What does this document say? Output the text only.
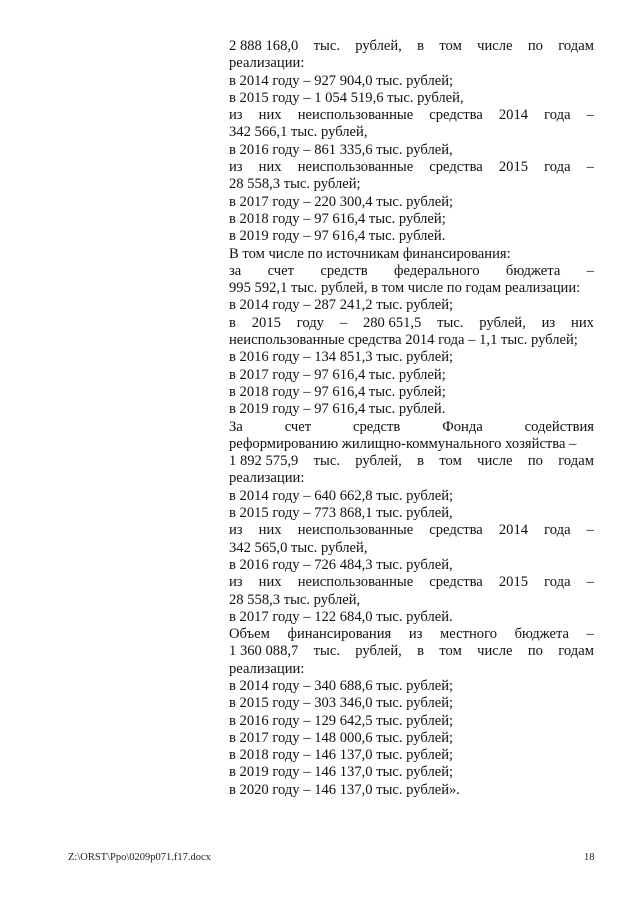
2 888 168,0 тыс. рублей, в том числе по годам
реализации:
в 2014 году – 927 904,0 тыс. рублей;
в 2015 году – 1 054 519,6 тыс. рублей,
из них неиспользованные средства 2014 года –
342 566,1 тыс. рублей,
в 2016 году – 861 335,6 тыс. рублей,
из них неиспользованные средства 2015 года –
28 558,3 тыс. рублей;
в 2017 году – 220 300,4 тыс. рублей;
в 2018 году – 97 616,4 тыс. рублей;
в 2019 году – 97 616,4 тыс. рублей.
В том числе по источникам финансирования:
за счет средств федерального бюджета –
995 592,1 тыс. рублей, в том числе по годам реализации:
в 2014 году – 287 241,2 тыс. рублей;
в 2015 году – 280 651,5 тыс. рублей, из них
неиспользованные средства 2014 года – 1,1 тыс. рублей;
в 2016 году – 134 851,3 тыс. рублей;
в 2017 году – 97 616,4 тыс. рублей;
в 2018 году – 97 616,4 тыс. рублей;
в 2019 году – 97 616,4 тыс. рублей.
За	счет	средств	Фонда	содействия
реформированию жилищно-коммунального хозяйства –
1 892 575,9 тыс. рублей, в том числе по годам
реализации:
в 2014 году – 640 662,8 тыс. рублей;
в 2015 году – 773 868,1 тыс. рублей,
из них неиспользованные средства 2014 года –
342 565,0 тыс. рублей,
в 2016 году – 726 484,3 тыс. рублей,
из них неиспользованные средства 2015 года –
28 558,3 тыс. рублей,
в 2017 году – 122 684,0 тыс. рублей.
Объем финансирования из местного бюджета –
1 360 088,7 тыс. рублей, в том числе по годам
реализации:
в 2014 году – 340 688,6 тыс. рублей;
в 2015 году – 303 346,0 тыс. рублей;
в 2016 году – 129 642,5 тыс. рублей;
в 2017 году – 148 000,6 тыс. рублей;
в 2018 году – 146 137,0 тыс. рублей;
в 2019 году – 146 137,0 тыс. рублей;
в 2020 году – 146 137,0 тыс. рублей».
Z:\ORST\Ppo\0209p071.f17.docx	18
